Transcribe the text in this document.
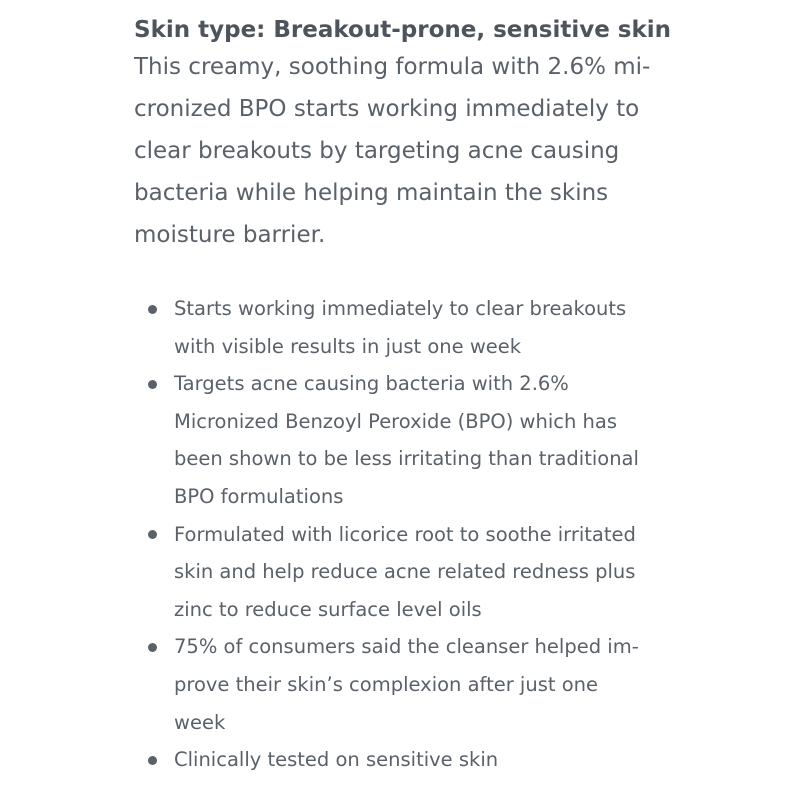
Skin type: Breakout-prone, sensitive skin

This creamy, soothing formula with 2.6% mi-
cronized BPO starts working immediately to
clear breakouts by targeting acne causing
bacteria while helping maintain the skins
moisture barrier.

Starts working immediately to clear breakouts
with visible results in just one week
Targets acne causing bacteria with 2.6%
Micronized Benzoyl Peroxide (BPO) which has
been shown to be less irritating than traditional
BPO formulations
Formulated with licorice root to soothe irritated
skin and help reduce acne related redness plus
zinc to reduce surface level oils
75% of consumers said the cleanser helped im-
prove their skin’s complexion after just one
week
Clinically tested on sensitive skin
